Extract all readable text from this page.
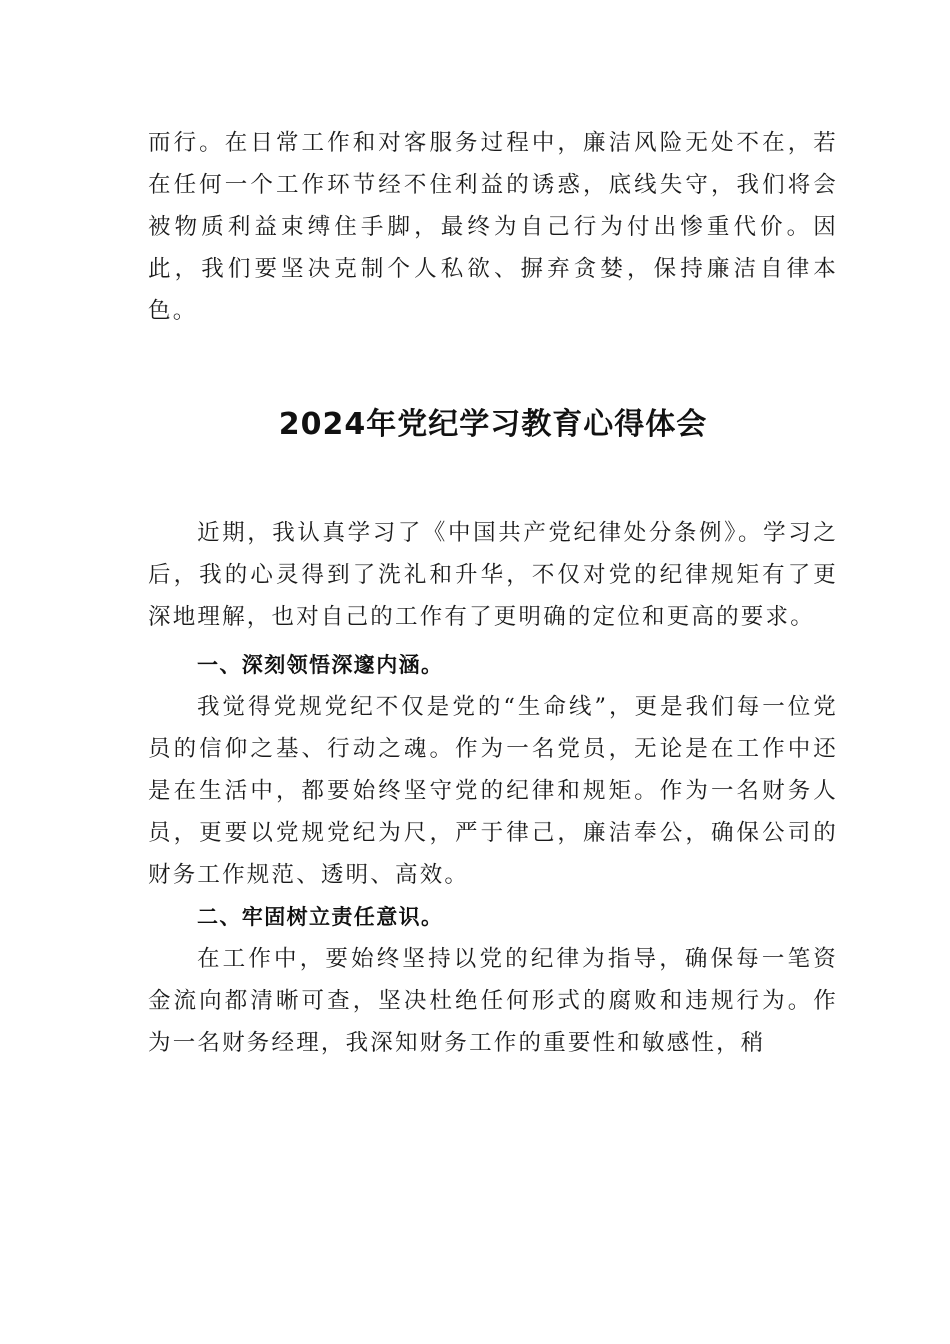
而行。在日常工作和对客服务过程中，廉洁风险无处不在，若在任何一个工作环节经不住利益的诱惑，底线失守，我们将会被物质利益束缚住手脚，最终为自己行为付出惨重代价。因此，我们要坚决克制个人私欲、摒弃贪婪，保持廉洁自律本色。

2024年党纪学习教育心得体会

近期，我认真学习了《中国共产党纪律处分条例》。学习之后，我的心灵得到了洗礼和升华，不仅对党的纪律规矩有了更深地理解，也对自己的工作有了更明确的定位和更高的要求。

一、深刻领悟深邃内涵。

我觉得党规党纪不仅是党的“生命线”，更是我们每一位党员的信仰之基、行动之魂。作为一名党员，无论是在工作中还是在生活中，都要始终坚守党的纪律和规矩。作为一名财务人员，更要以党规党纪为尺，严于律己，廉洁奉公，确保公司的财务工作规范、透明、高效。

二、牢固树立责任意识。

在工作中，要始终坚持以党的纪律为指导，确保每一笔资金流向都清晰可查，坚决杜绝任何形式的腐败和违规行为。作为一名财务经理，我深知财务工作的重要性和敏感性，稍
